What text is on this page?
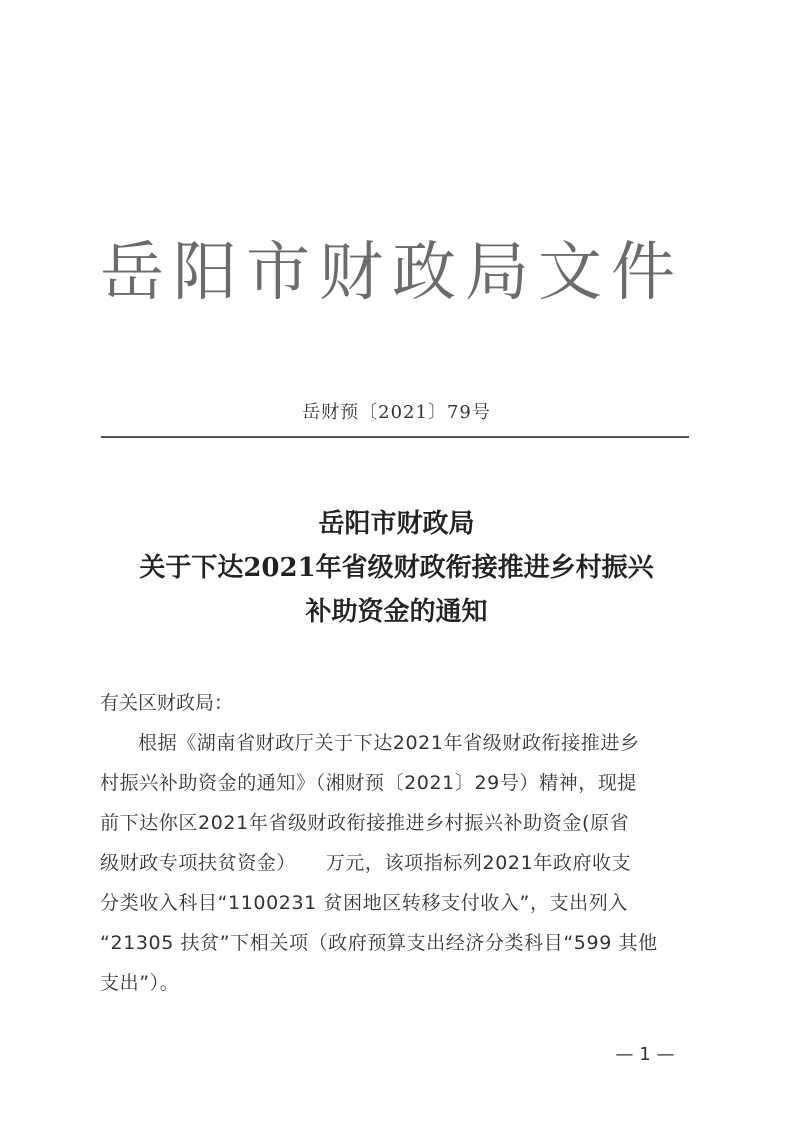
岳阳市财政局文件
岳财预〔2021〕79号
岳阳市财政局
关于下达2021年省级财政衔接推进乡村振兴
补助资金的通知
有关区财政局：
根据《湖南省财政厅关于下达2021年省级财政衔接推进乡
村振兴补助资金的通知》（湘财预〔2021〕29号）精神，现提
前下达你区2021年省级财政衔接推进乡村振兴补助资金(原省
级财政专项扶贫资金）　　万元，该项指标列2021年政府收支
分类收入科目“1100231 贫困地区转移支付收入”，支出列入
“21305 扶贫”下相关项（政府预算支出经济分类科目“599 其他
支出”）。
— 1 —
